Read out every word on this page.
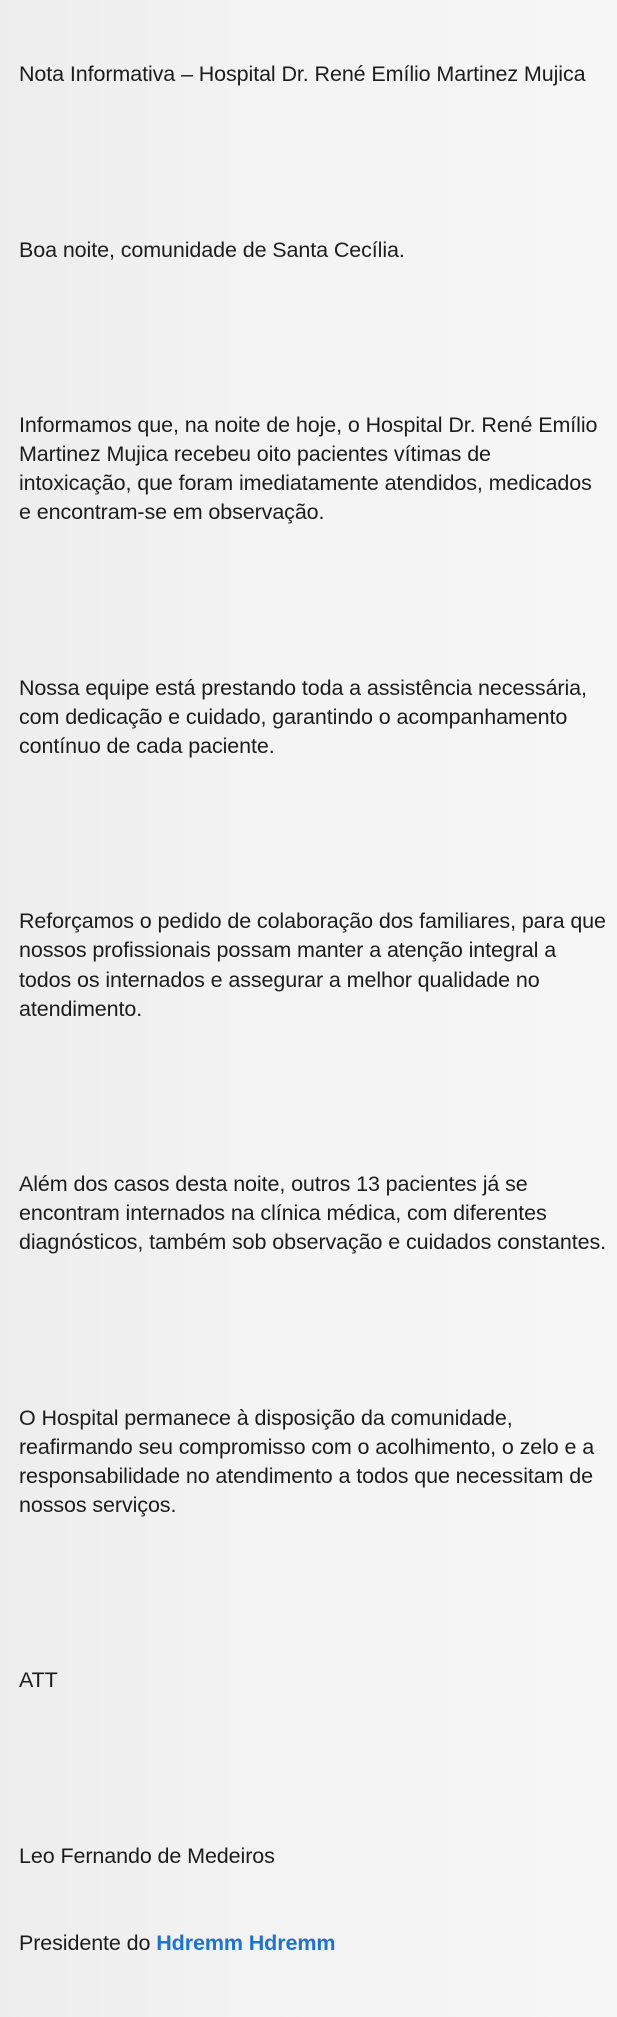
Nota Informativa – Hospital Dr. René Emílio Martinez Mujica

Boa noite, comunidade de Santa Cecília.

Informamos que, na noite de hoje, o Hospital Dr. René Emílio Martinez Mujica recebeu oito pacientes vítimas de intoxicação, que foram imediatamente atendidos, medicados e encontram-se em observação.

Nossa equipe está prestando toda a assistência necessária, com dedicação e cuidado, garantindo o acompanhamento contínuo de cada paciente.

Reforçamos o pedido de colaboração dos familiares, para que nossos profissionais possam manter a atenção integral a todos os internados e assegurar a melhor qualidade no atendimento.

Além dos casos desta noite, outros 13 pacientes já se encontram internados na clínica médica, com diferentes diagnósticos, também sob observação e cuidados constantes.

O Hospital permanece à disposição da comunidade, reafirmando seu compromisso com o acolhimento, o zelo e a responsabilidade no atendimento a todos que necessitam de nossos serviços.

ATT

Leo Fernando de Medeiros

Presidente do Hdremm Hdremm
